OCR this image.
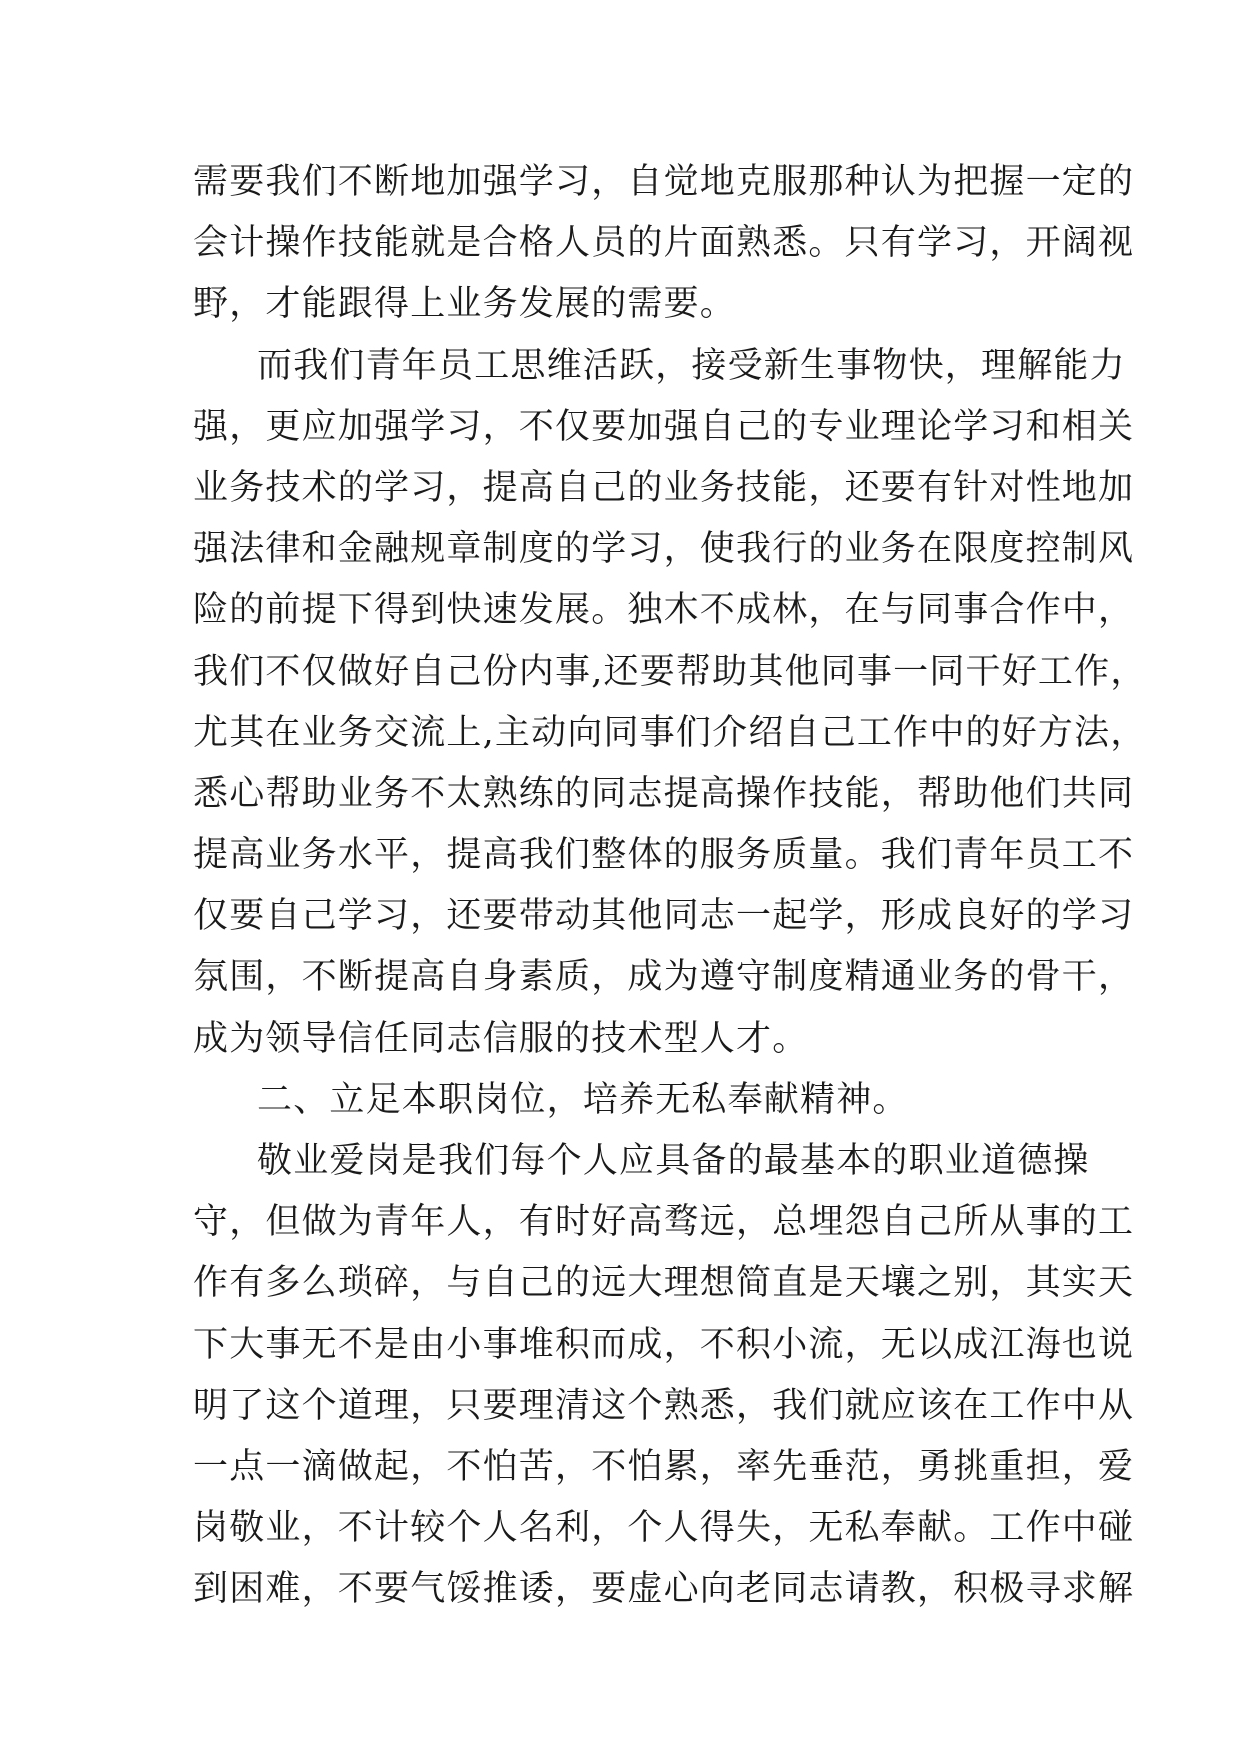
需要我们不断地加强学习，自觉地克服那种认为把握一定的
会计操作技能就是合格人员的片面熟悉。只有学习，开阔视
野，才能跟得上业务发展的需要。
而我们青年员工思维活跃，接受新生事物快，理解能力
强，更应加强学习，不仅要加强自己的专业理论学习和相关
业务技术的学习，提高自己的业务技能，还要有针对性地加
强法律和金融规章制度的学习，使我行的业务在限度控制风
险的前提下得到快速发展。独木不成林，在与同事合作中，
我们不仅做好自己份内事,还要帮助其他同事一同干好工作，
尤其在业务交流上,主动向同事们介绍自己工作中的好方法，
悉心帮助业务不太熟练的同志提高操作技能，帮助他们共同
提高业务水平，提高我们整体的服务质量。我们青年员工不
仅要自己学习，还要带动其他同志一起学，形成良好的学习
氛围，不断提高自身素质，成为遵守制度精通业务的骨干，
成为领导信任同志信服的技术型人才。
二、立足本职岗位，培养无私奉献精神。
敬业爱岗是我们每个人应具备的最基本的职业道德操
守，但做为青年人，有时好高骛远，总埋怨自己所从事的工
作有多么琐碎，与自己的远大理想简直是天壤之别，其实天
下大事无不是由小事堆积而成，不积小流，无以成江海也说
明了这个道理，只要理清这个熟悉，我们就应该在工作中从
一点一滴做起，不怕苦，不怕累，率先垂范，勇挑重担，爱
岗敬业，不计较个人名利，个人得失，无私奉献。工作中碰
到困难，不要气馁推诿，要虚心向老同志请教，积极寻求解
